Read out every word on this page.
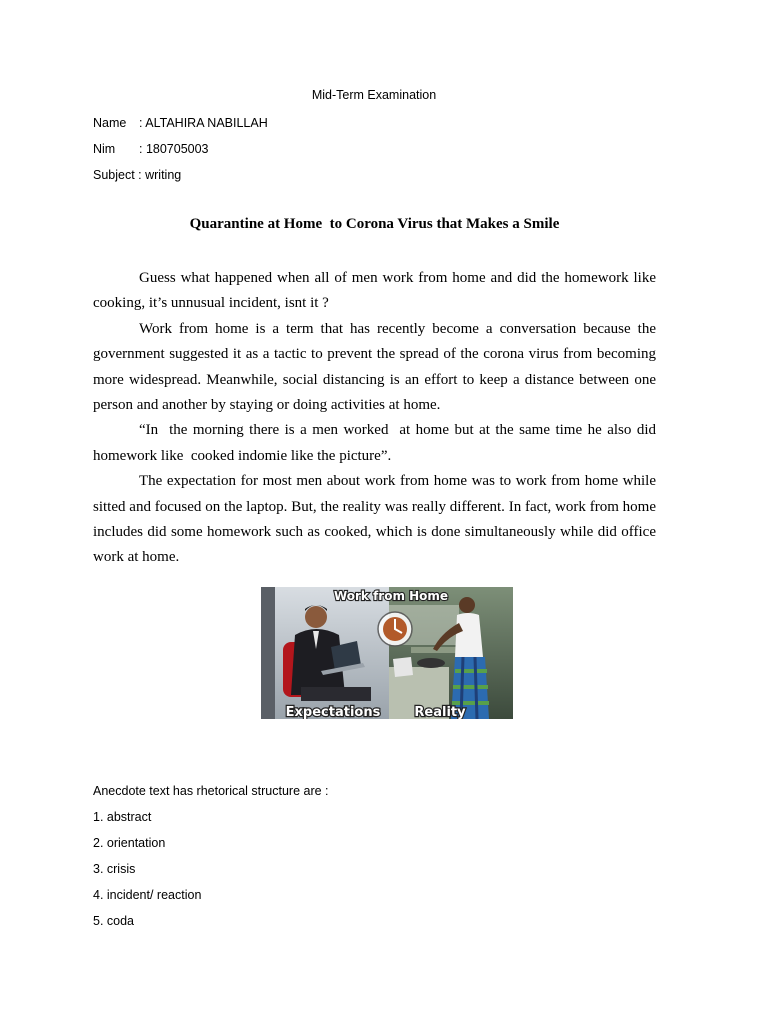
Mid-Term Examination
Name : ALTAHIRA NABILLAH
Nim : 180705003
Subject : writing
Quarantine at Home  to Corona Virus that Makes a Smile

Guess what happened when all of men work from home and did the homework like cooking, it’s unnusual incident, isnt it ?

Work from home is a term that has recently become a conversation because the government suggested it as a tactic to prevent the spread of the corona virus from becoming more widespread. Meanwhile, social distancing is an effort to keep a distance between one person and another by staying or doing activities at home.

“In  the morning there is a men worked  at home but at the same time he also did homework like  cooked indomie like the picture”.

The expectation for most men about work from home was to work from home while sitted and focused on the laptop. But, the reality was really different. In fact, work from home includes did some homework such as cooked, which is done simultaneously while did office work at home.

Work from Home
Expectations	Reality
Anecdote text has rhetorical structure are :
1. abstract
2. orientation
3. crisis
4. incident/ reaction
5. coda
